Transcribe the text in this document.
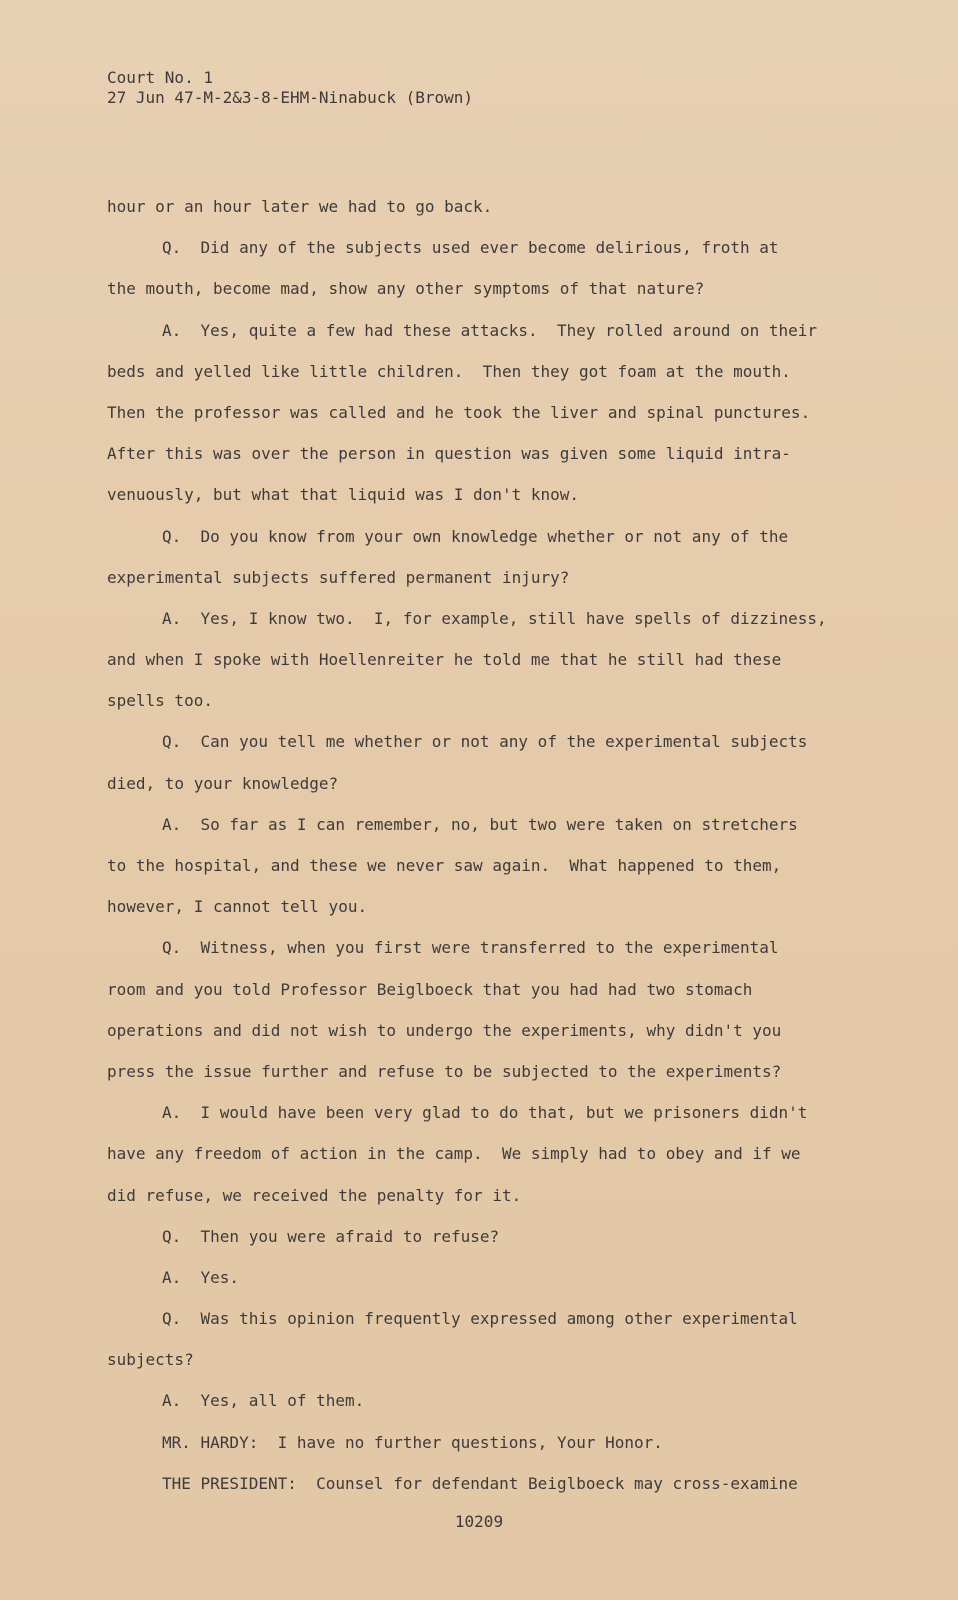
Court No. 1
27 Jun 47-M-2&3-8-EHM-Ninabuck (Brown)
hour or an hour later we had to go back.
Q.  Did any of the subjects used ever become delirious, froth at
the mouth, become mad, show any other symptoms of that nature?
A.  Yes, quite a few had these attacks.  They rolled around on their
beds and yelled like little children.  Then they got foam at the mouth.
Then the professor was called and he took the liver and spinal punctures.
After this was over the person in question was given some liquid intra-
venuously, but what that liquid was I don't know.
Q.  Do you know from your own knowledge whether or not any of the
experimental subjects suffered permanent injury?
A.  Yes, I know two.  I, for example, still have spells of dizziness,
and when I spoke with Hoellenreiter he told me that he still had these
spells too.
Q.  Can you tell me whether or not any of the experimental subjects
died, to your knowledge?
A.  So far as I can remember, no, but two were taken on stretchers
to the hospital, and these we never saw again.  What happened to them,
however, I cannot tell you.
Q.  Witness, when you first were transferred to the experimental
room and you told Professor Beiglboeck that you had had two stomach
operations and did not wish to undergo the experiments, why didn't you
press the issue further and refuse to be subjected to the experiments?
A.  I would have been very glad to do that, but we prisoners didn't
have any freedom of action in the camp.  We simply had to obey and if we
did refuse, we received the penalty for it.
Q.  Then you were afraid to refuse?
A.  Yes.
Q.  Was this opinion frequently expressed among other experimental
subjects?
A.  Yes, all of them.
MR. HARDY:  I have no further questions, Your Honor.
THE PRESIDENT:  Counsel for defendant Beiglboeck may cross-examine
10209
